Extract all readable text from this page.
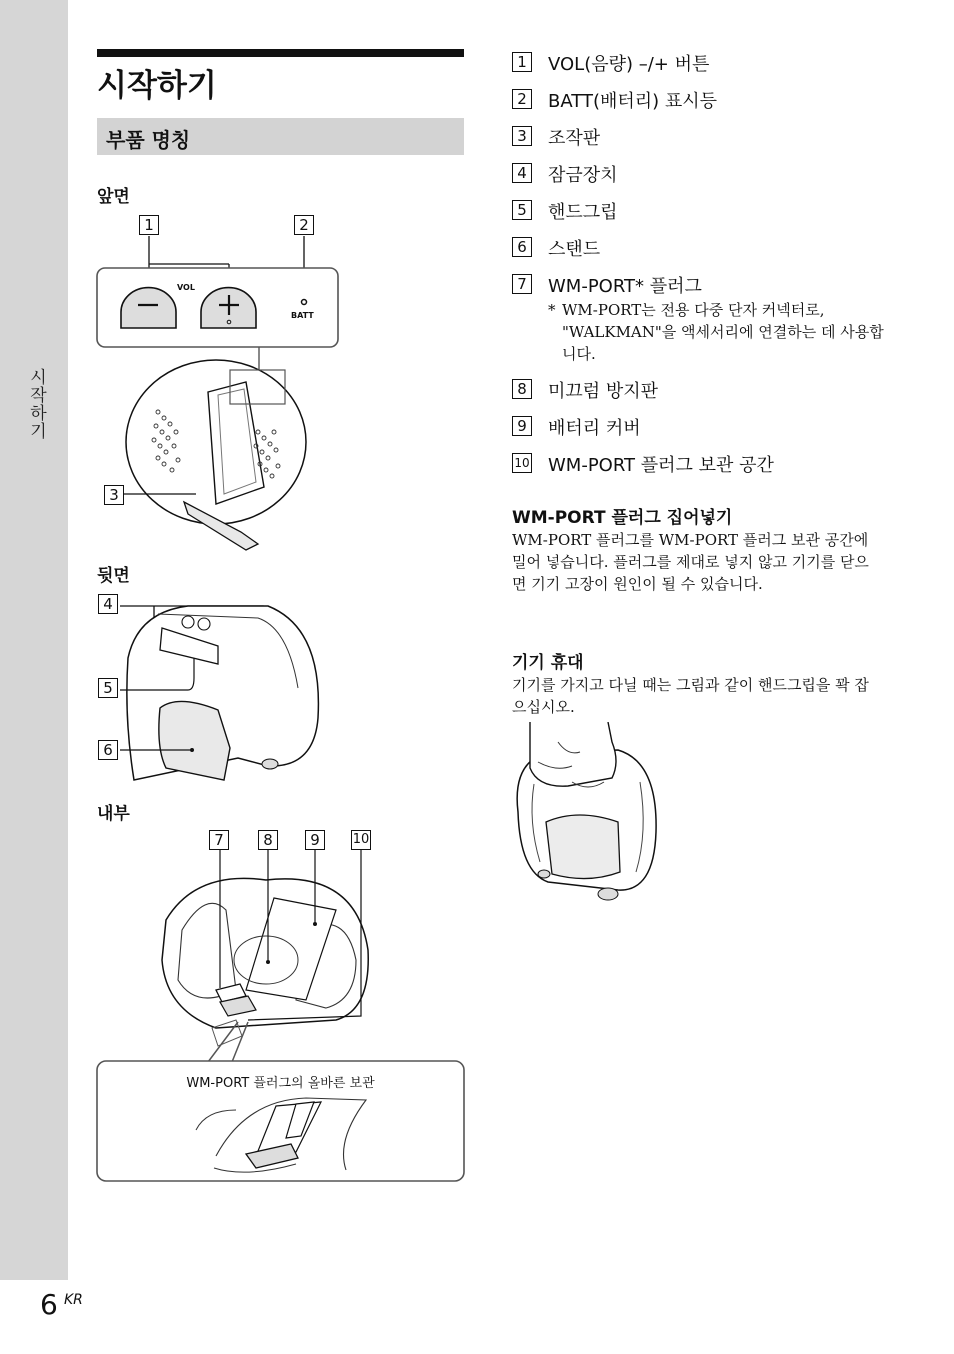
시작하기
6 KR
시작하기
부품 명칭
앞면
1	2
VOL
BATT
3
뒷면
4
5
6
내부
7	8	9	10
WM-PORT 플러그의 올바른 보관
1 VOL(음량) –/+ 버튼
2 BATT(배터리) 표시등
3 조작판
4 잠금장치
5 핸드그립
6 스탠드
7 WM-PORT* 플러그
* WM-PORT는 전용 다중 단자 커넥터로, "WALKMAN"을 액세서리에 연결하는 데 사용합니다.
8 미끄럼 방지판
9 배터리 커버
10 WM-PORT 플러그 보관 공간
WM-PORT 플러그 집어넣기
WM-PORT 플러그를 WM-PORT 플러그 보관 공간에 밀어 넣습니다. 플러그를 제대로 넣지 않고 기기를 닫으면 기기 고장이 원인이 될 수 있습니다.
기기 휴대
기기를 가지고 다닐 때는 그림과 같이 핸드그립을 꽉 잡으십시오.
